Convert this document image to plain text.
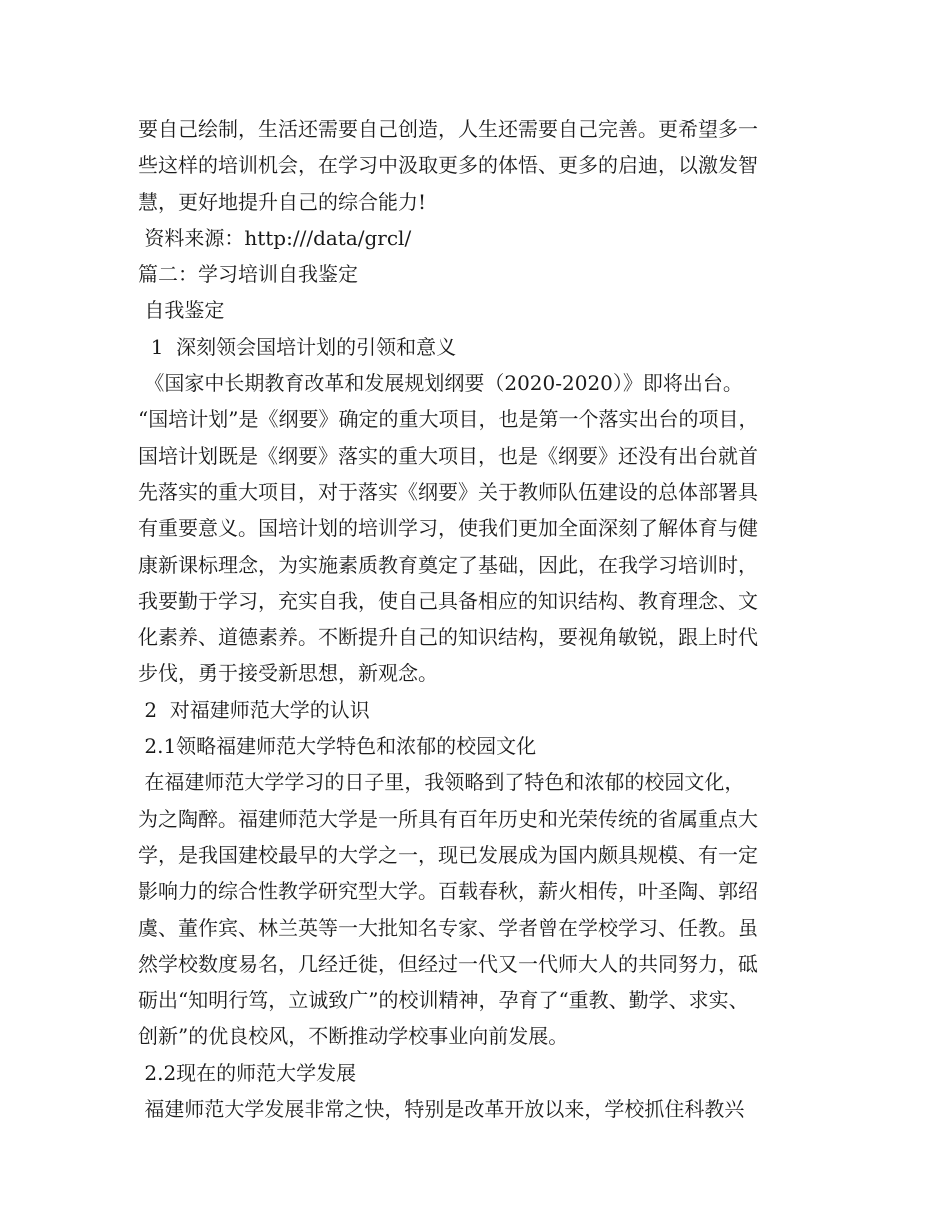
要自己绘制，生活还需要自己创造，人生还需要自己完善。更希望多一
些这样的培训机会，在学习中汲取更多的体悟、更多的启迪，以激发智
慧，更好地提升自己的综合能力!
资料来源：http:///data/grcl/
篇二：学习培训自我鉴定
自我鉴定
1  深刻领会国培计划的引领和意义
《国家中长期教育改革和发展规划纲要（2020-2020）》即将出台。
“国培计划”是《纲要》确定的重大项目，也是第一个落实出台的项目，
国培计划既是《纲要》落实的重大项目，也是《纲要》还没有出台就首
先落实的重大项目，对于落实《纲要》关于教师队伍建设的总体部署具
有重要意义。国培计划的培训学习，使我们更加全面深刻了解体育与健
康新课标理念，为实施素质教育奠定了基础，因此，在我学习培训时，
我要勤于学习，充实自我，使自己具备相应的知识结构、教育理念、文
化素养、道德素养。不断提升自己的知识结构，要视角敏锐，跟上时代
步伐，勇于接受新思想，新观念。
2  对福建师范大学的认识
2.1领略福建师范大学特色和浓郁的校园文化
在福建师范大学学习的日子里，我领略到了特色和浓郁的校园文化，
为之陶醉。福建师范大学是一所具有百年历史和光荣传统的省属重点大
学，是我国建校最早的大学之一，现已发展成为国内颇具规模、有一定
影响力的综合性教学研究型大学。百载春秋，薪火相传，叶圣陶、郭绍
虞、董作宾、林兰英等一大批知名专家、学者曾在学校学习、任教。虽
然学校数度易名，几经迁徙，但经过一代又一代师大人的共同努力，砥
砺出“知明行笃，立诚致广”的校训精神，孕育了“重教、勤学、求实、
创新”的优良校风，不断推动学校事业向前发展。
2.2现在的师范大学发展
福建师范大学发展非常之快，特别是改革开放以来，学校抓住科教兴
